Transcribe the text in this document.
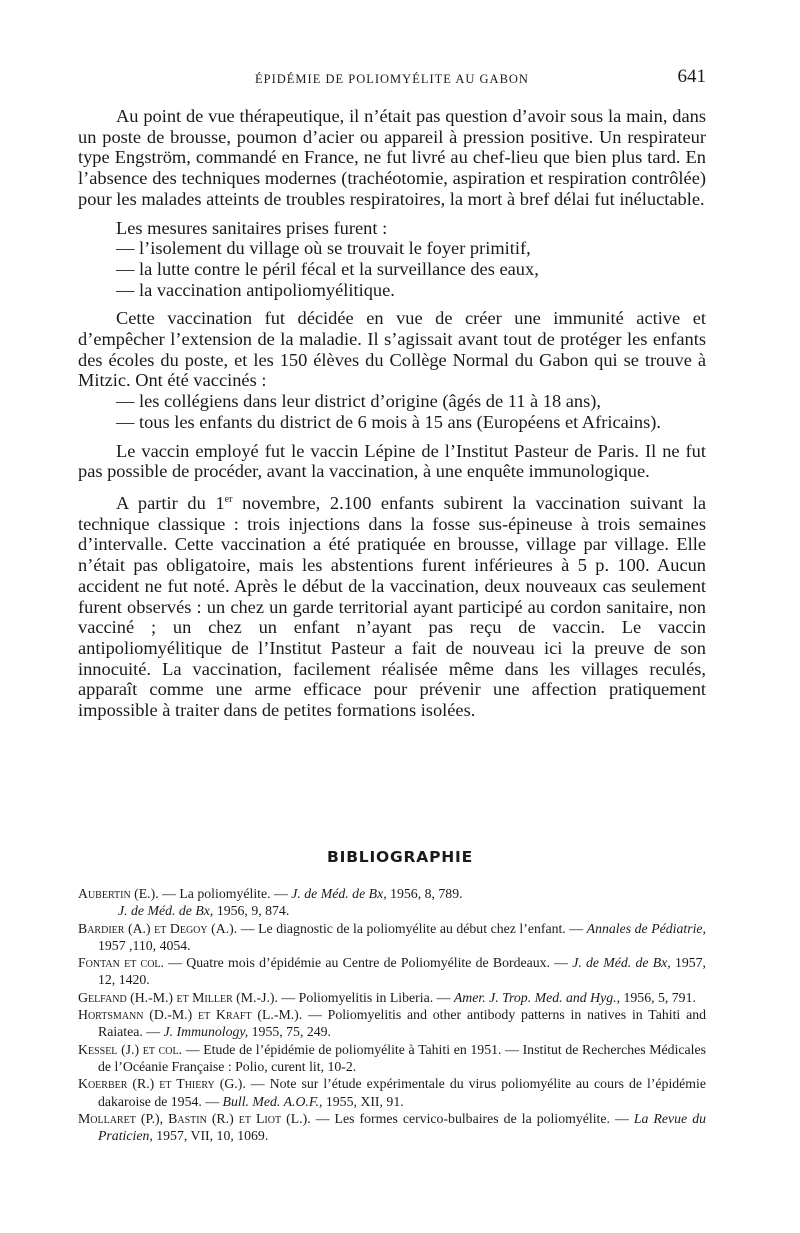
ÉPIDÉMIE DE POLIOMYÉLITE AU GABON	641

Au point de vue thérapeutique, il n’était pas question d’avoir sous la main, dans un poste de brousse, poumon d’acier ou appareil à pression positive. Un respirateur type Engström, commandé en France, ne fut livré au chef-lieu que bien plus tard. En l’absence des techniques modernes (trachéotomie, aspiration et respiration contrôlée) pour les malades atteints de troubles respiratoires, la mort à bref délai fut inéluctable.

Les mesures sanitaires prises furent :

— l’isolement du village où se trouvait le foyer primitif,
— la lutte contre le péril fécal et la surveillance des eaux,
— la vaccination antipoliomyélitique.

Cette vaccination fut décidée en vue de créer une immunité active et d’empêcher l’extension de la maladie. Il s’agissait avant tout de protéger les enfants des écoles du poste, et les 150 élèves du Collège Normal du Gabon qui se trouve à Mitzic. Ont été vaccinés :

— les collégiens dans leur district d’origine (âgés de 11 à 18 ans),
— tous les enfants du district de 6 mois à 15 ans (Européens et Africains).

Le vaccin employé fut le vaccin Lépine de l’Institut Pasteur de Paris. Il ne fut pas possible de procéder, avant la vaccination, à une enquête immunologique.

A partir du 1er novembre, 2.100 enfants subirent la vaccination suivant la technique classique : trois injections dans la fosse sus-épineuse à trois semaines d’intervalle. Cette vaccination a été pratiquée en brousse, village par village. Elle n’était pas obligatoire, mais les abstentions furent inférieures à 5 p. 100. Aucun accident ne fut noté. Après le début de la vaccination, deux nouveaux cas seulement furent observés : un chez un garde territorial ayant participé au cordon sanitaire, non vacciné ; un chez un enfant n’ayant pas reçu de vaccin. Le vaccin antipoliomyélitique de l’Institut Pasteur a fait de nouveau ici la preuve de son innocuité. La vaccination, facilement réalisée même dans les villages reculés, apparaît comme une arme efficace pour prévenir une affection pratiquement impossible à traiter dans de petites formations isolées.

BIBLIOGRAPHIE
Aubertin (E.). — La poliomyélite. — J. de Méd. de Bx, 1956, 8, 789.
J. de Méd. de Bx, 1956, 9, 874.
Bardier (A.) et Degoy (A.). — Le diagnostic de la poliomyélite au début chez l’enfant. — Annales de Pédiatrie, 1957 ,110, 4054.
Fontan et col. — Quatre mois d’épidémie au Centre de Poliomyélite de Bordeaux. — J. de Méd. de Bx, 1957, 12, 1420.
Gelfand (H.-M.) et Miller (M.-J.). — Poliomyelitis in Liberia. — Amer. J. Trop. Med. and Hyg., 1956, 5, 791.
Hortsmann (D.-M.) et Kraft (L.-M.). — Poliomyelitis and other antibody patterns in natives in Tahiti and Raiatea. — J. Immunology, 1955, 75, 249.
Kessel (J.) et col. — Etude de l’épidémie de poliomyélite à Tahiti en 1951. — Institut de Recherches Médicales de l’Océanie Française : Polio, curent lit, 10-2.
Koerber (R.) et Thiery (G.). — Note sur l’étude expérimentale du virus poliomyélite au cours de l’épidémie dakaroise de 1954. — Bull. Med. A.O.F., 1955, XII, 91.
Mollaret (P.), Bastin (R.) et Liot (L.). — Les formes cervico-bulbaires de la poliomyélite. — La Revue du Praticien, 1957, VII, 10, 1069.
